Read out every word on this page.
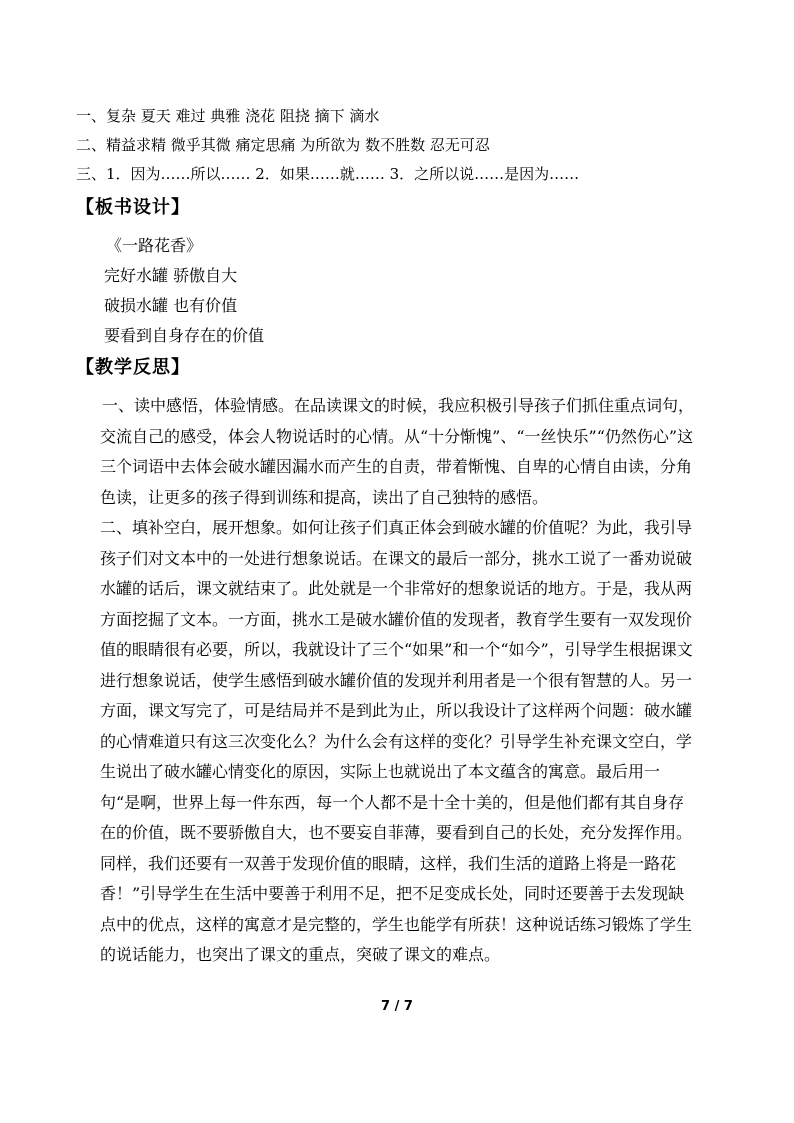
一、复杂 夏天 难过 典雅 浇花 阻挠 摘下 滴水
二、精益求精 微乎其微 痛定思痛 为所欲为 数不胜数 忍无可忍
三、1．因为……所以…… 2．如果……就…… 3．之所以说……是因为……
【板书设计】
《一路花香》
完好水罐 骄傲自大
破损水罐 也有价值
要看到自身存在的价值
【教学反思】

一、读中感悟，体验情感。在品读课文的时候，我应积极引导孩子们抓住重点词句，交流自己的感受，体会人物说话时的心情。从“十分惭愧”、“一丝快乐”“仍然伤心”这三个词语中去体会破水罐因漏水而产生的自责，带着惭愧、自卑的心情自由读，分角色读，让更多的孩子得到训练和提高，读出了自己独特的感悟。

二、填补空白，展开想象。如何让孩子们真正体会到破水罐的价值呢？为此，我引导孩子们对文本中的一处进行想象说话。在课文的最后一部分，挑水工说了一番劝说破水罐的话后，课文就结束了。此处就是一个非常好的想象说话的地方。于是，我从两方面挖掘了文本。一方面，挑水工是破水罐价值的发现者，教育学生要有一双发现价值的眼睛很有必要，所以，我就设计了三个“如果”和一个“如今”，引导学生根据课文进行想象说话，使学生感悟到破水罐价值的发现并利用者是一个很有智慧的人。另一方面，课文写完了，可是结局并不是到此为止，所以我设计了这样两个问题：破水罐的心情难道只有这三次变化么？为什么会有这样的变化？引导学生补充课文空白，学生说出了破水罐心情变化的原因，实际上也就说出了本文蕴含的寓意。最后用一句“是啊，世界上每一件东西，每一个人都不是十全十美的，但是他们都有其自身存在的价值，既不要骄傲自大，也不要妄自菲薄，要看到自己的长处，充分发挥作用。同样，我们还要有一双善于发现价值的眼睛，这样，我们生活的道路上将是一路花香！”引导学生在生活中要善于利用不足，把不足变成长处，同时还要善于去发现缺点中的优点，这样的寓意才是完整的，学生也能学有所获！这种说话练习锻炼了学生的说话能力，也突出了课文的重点，突破了课文的难点。

7 / 7
